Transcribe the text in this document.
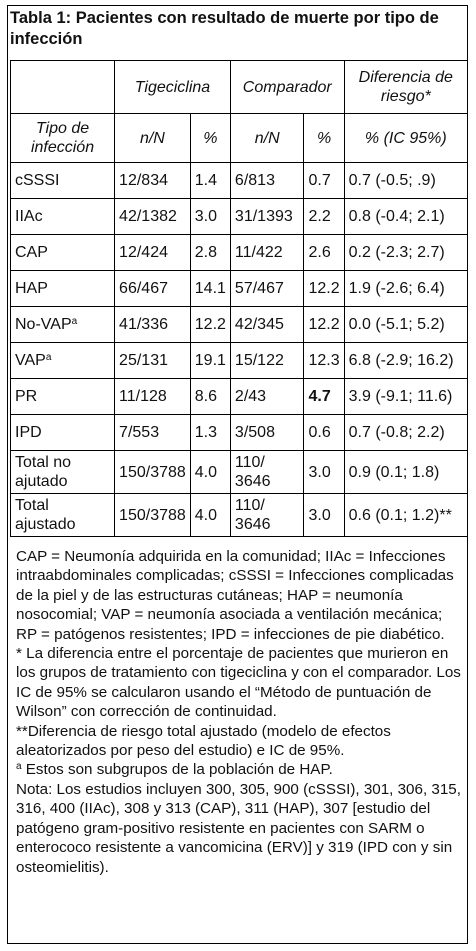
Tabla 1: Pacientes con resultado de muerte por tipo de infección
	Tigeciclina		Comparador		Diferencia de riesgo*
Tipo de infección	n/N	%	n/N	%	% (IC 95%)
cSSSI	12/834	1.4	6/813	0.7	0.7 (-0.5; .9)
IIAc	42/1382	3.0	31/1393	2.2	0.8 (-0.4; 2.1)
CAP	12/424	2.8	11/422	2.6	0.2 (-2.3; 2.7)
HAP	66/467	14.1	57/467	12.2	1.9 (-2.6; 6.4)
No-VAP$^a$	41/336	12.2	42/345	12.2	0.0 (-5.1; 5.2)
VAP$^a$	25/131	19.1	15/122	12.3	6.8 (-2.9; 16.2)
PR	11/128	8.6	2/43	4.7	3.9 (-9.1; 11.6)
IPD	7/553	1.3	3/508	0.6	0.7 (-0.8; 2.2)
Total no ajutado	150/3788	4.0	110/ 3646	3.0	0.9 (0.1; 1.8)
Total ajustado	150/3788	4.0	110/ 3646	3.0	0.6 (0.1; 1.2)**

CAP = Neumonía adquirida en la comunidad; IIAc = Infecciones intraabdominales complicadas; cSSSI = Infecciones complicadas de la piel y de las estructuras cutáneas; HAP = neumonía nosocomial; VAP = neumonía asociada a ventilación mecánica; RP = patógenos resistentes; IPD = infecciones de pie diabético.

* La diferencia entre el porcentaje de pacientes que murieron en los grupos de tratamiento con tigeciclina y con el comparador. Los IC de 95% se calcularon usando el “Método de puntuación de Wilson” con corrección de continuidad.

**Diferencia de riesgo total ajustado (modelo de efectos aleatorizados por peso del estudio) e IC de 95%.

$^a$ Estos son subgrupos de la población de HAP.

Nota: Los estudios incluyen 300, 305, 900 (cSSSI), 301, 306, 315, 316, 400 (IIAc), 308 y 313 (CAP), 311 (HAP), 307 [estudio del patógeno gram-positivo resistente en pacientes con SARM o enterococo resistente a vancomicina (ERV)] y 319 (IPD con y sin osteomielitis).
